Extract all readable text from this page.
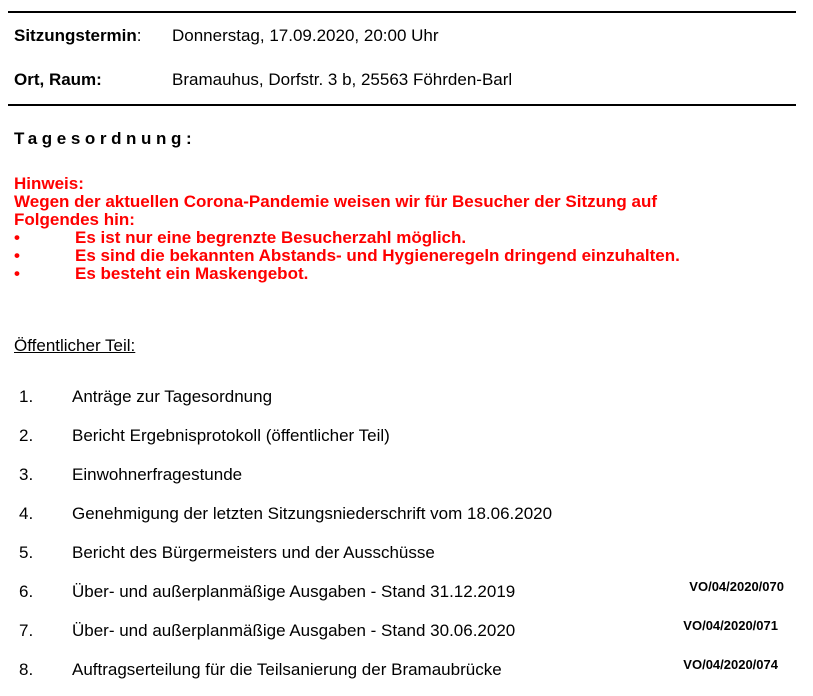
Sitzungstermin: Donnerstag, 17.09.2020, 20:00 Uhr
Ort, Raum:	Bramauhus, Dorfstr. 3 b, 25563 Föhrden-Barl
Tagesordnung:
Hinweis:
Wegen der aktuellen Corona-Pandemie weisen wir für Besucher der Sitzung auf
Folgendes hin:
•	Es ist nur eine begrenzte Besucherzahl möglich.
•	Es sind die bekannten Abstands- und Hygieneregeln dringend einzuhalten.
•	Es besteht ein Maskengebot.
Öffentlicher Teil:
1. Anträge zur Tagesordnung
2. Bericht Ergebnisprotokoll (öffentlicher Teil)
3. Einwohnerfragestunde
4. Genehmigung der letzten Sitzungsniederschrift vom 18.06.2020
5. Bericht des Bürgermeisters und der Ausschüsse
6. Über- und außerplanmäßige Ausgaben - Stand 31.12.2019	VO/04/2020/070
7. Über- und außerplanmäßige Ausgaben - Stand 30.06.2020	VO/04/2020/071
8. Auftragserteilung für die Teilsanierung der Bramaubrücke	VO/04/2020/074
